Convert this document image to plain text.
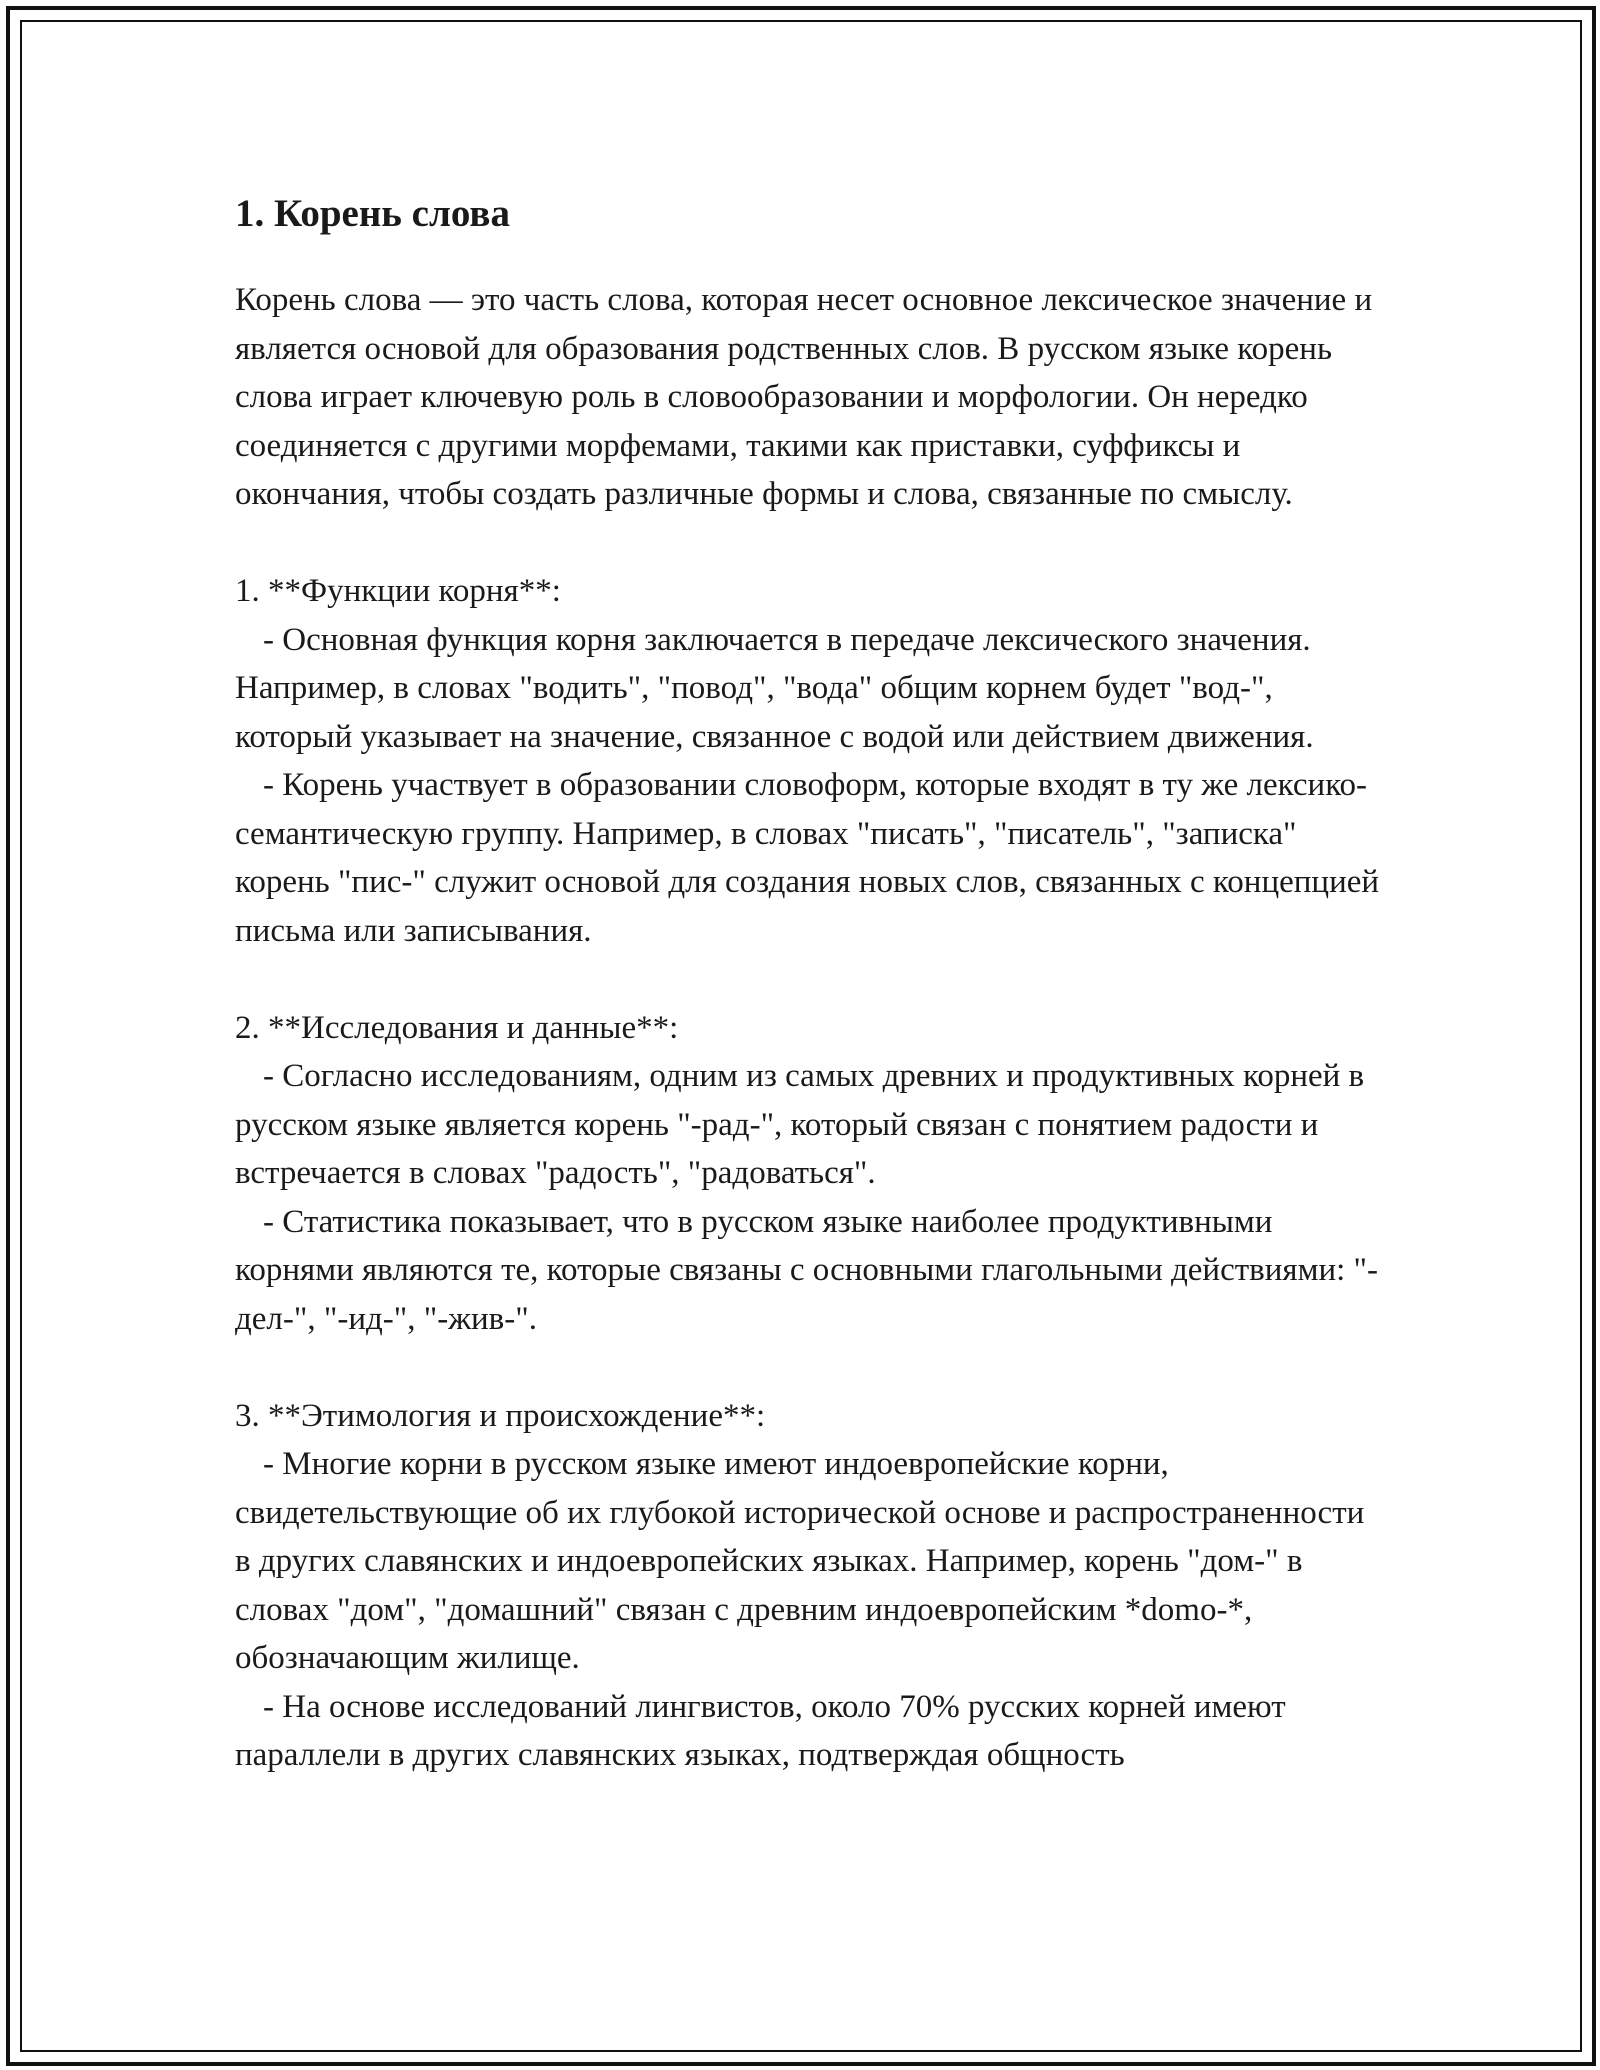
1. Корень слова

Корень слова — это часть слова, которая несет основное лексическое значение и является основой для образования родственных слов. В русском языке корень слова играет ключевую роль в словообразовании и морфологии. Он нередко соединяется с другими морфемами, такими как приставки, суффиксы и окончания, чтобы создать различные формы и слова, связанные по смыслу.

1. **Функции корня**:
- Основная функция корня заключается в передаче лексического значения. Например, в словах "водить", "повод", "вода" общим корнем будет "вод-", который указывает на значение, связанное с водой или действием движения.
- Корень участвует в образовании словоформ, которые входят в ту же лексико-семантическую группу. Например, в словах "писать", "писатель", "записка" корень "пис-" служит основой для создания новых слов, связанных с концепцией письма или записывания.
2. **Исследования и данные**:
- Согласно исследованиям, одним из самых древних и продуктивных корней в русском языке является корень "-рад-", который связан с понятием радости и встречается в словах "радость", "радоваться".
- Статистика показывает, что в русском языке наиболее продуктивными корнями являются те, которые связаны с основными глагольными действиями: "-дел-", "-ид-", "-жив-".
3. **Этимология и происхождение**:
- Многие корни в русском языке имеют индоевропейские корни, свидетельствующие об их глубокой исторической основе и распространенности в других славянских и индоевропейских языках. Например, корень "дом-" в словах "дом", "домашний" связан с древним индоевропейским *domo-*, обозначающим жилище.
- На основе исследований лингвистов, около 70% русских корней имеют параллели в других славянских языках, подтверждая общность
